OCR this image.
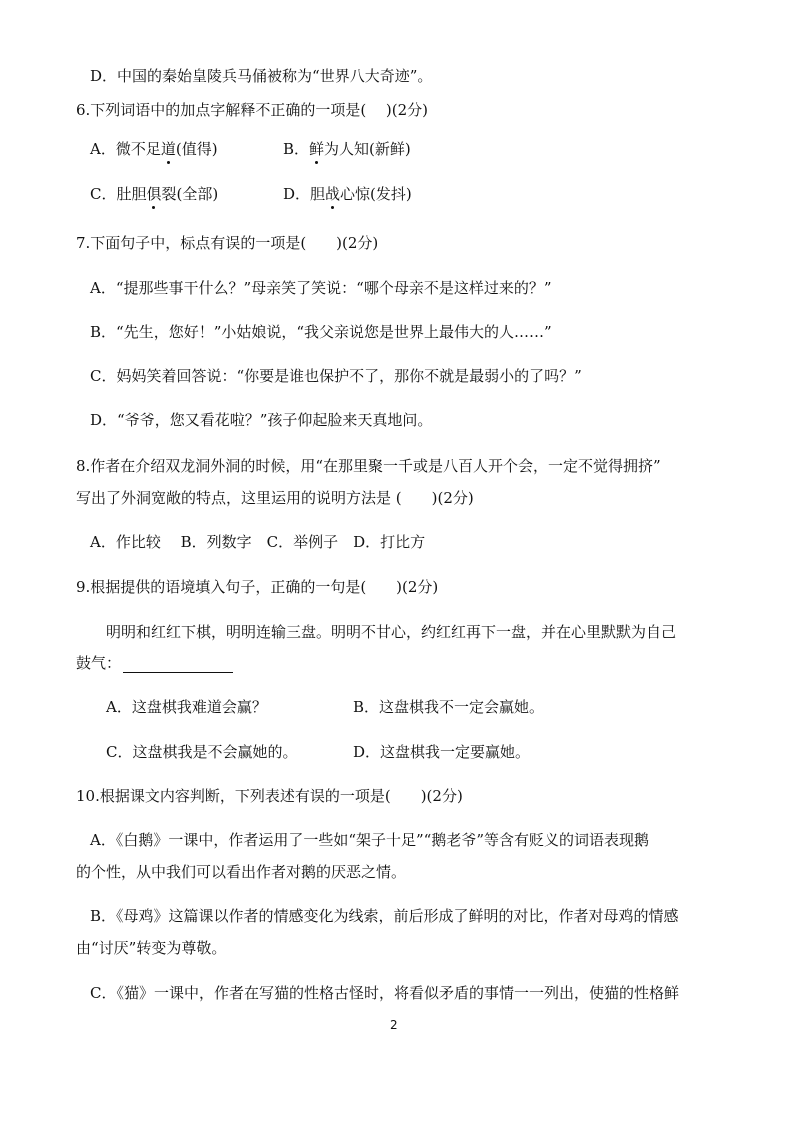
D．中国的秦始皇陵兵马俑被称为“世界八大奇迹”。
6.下列词语中的加点字解释不正确的一项是(　 )(2分)
A．微不足道(值得)	B．鲜为人知(新鲜)
C．肚胆俱裂(全部)	D．胆战心惊(发抖)
7.下面句子中，标点有误的一项是(　　)(2分)
A．“提那些事干什么？”母亲笑了笑说：“哪个母亲不是这样过来的？”
B．“先生，您好！”小姑娘说，“我父亲说您是世界上最伟大的人……”
C．妈妈笑着回答说：“你要是谁也保护不了，那你不就是最弱小的了吗？”
D．“爷爷，您又看花啦？”孩子仰起脸来天真地问。
8.作者在介绍双龙洞外洞的时候，用“在那里聚一千或是八百人开个会，一定不觉得拥挤”
写出了外洞宽敞的特点，这里运用的说明方法是 (　　)(2分)
A．作比较　 B．列数字　C．举例子　D．打比方
9.根据提供的语境填入句子，正确的一句是(　　)(2分)
明明和红红下棋，明明连输三盘。明明不甘心，约红红再下一盘，并在心里默默为自己
鼓气：
A．这盘棋我难道会赢？	B．这盘棋我不一定会赢她。
C．这盘棋我是不会赢她的。	D．这盘棋我一定要赢她。
10.根据课文内容判断，下列表述有误的一项是(　　)(2分)
A．《白鹅》一课中，作者运用了一些如“架子十足”“鹅老爷”等含有贬义的词语表现鹅
的个性，从中我们可以看出作者对鹅的厌恶之情。
B．《母鸡》这篇课以作者的情感变化为线索，前后形成了鲜明的对比，作者对母鸡的情感
由“讨厌”转变为尊敬。
C．《猫》一课中，作者在写猫的性格古怪时，将看似矛盾的事情一一列出，使猫的性格鲜
2
